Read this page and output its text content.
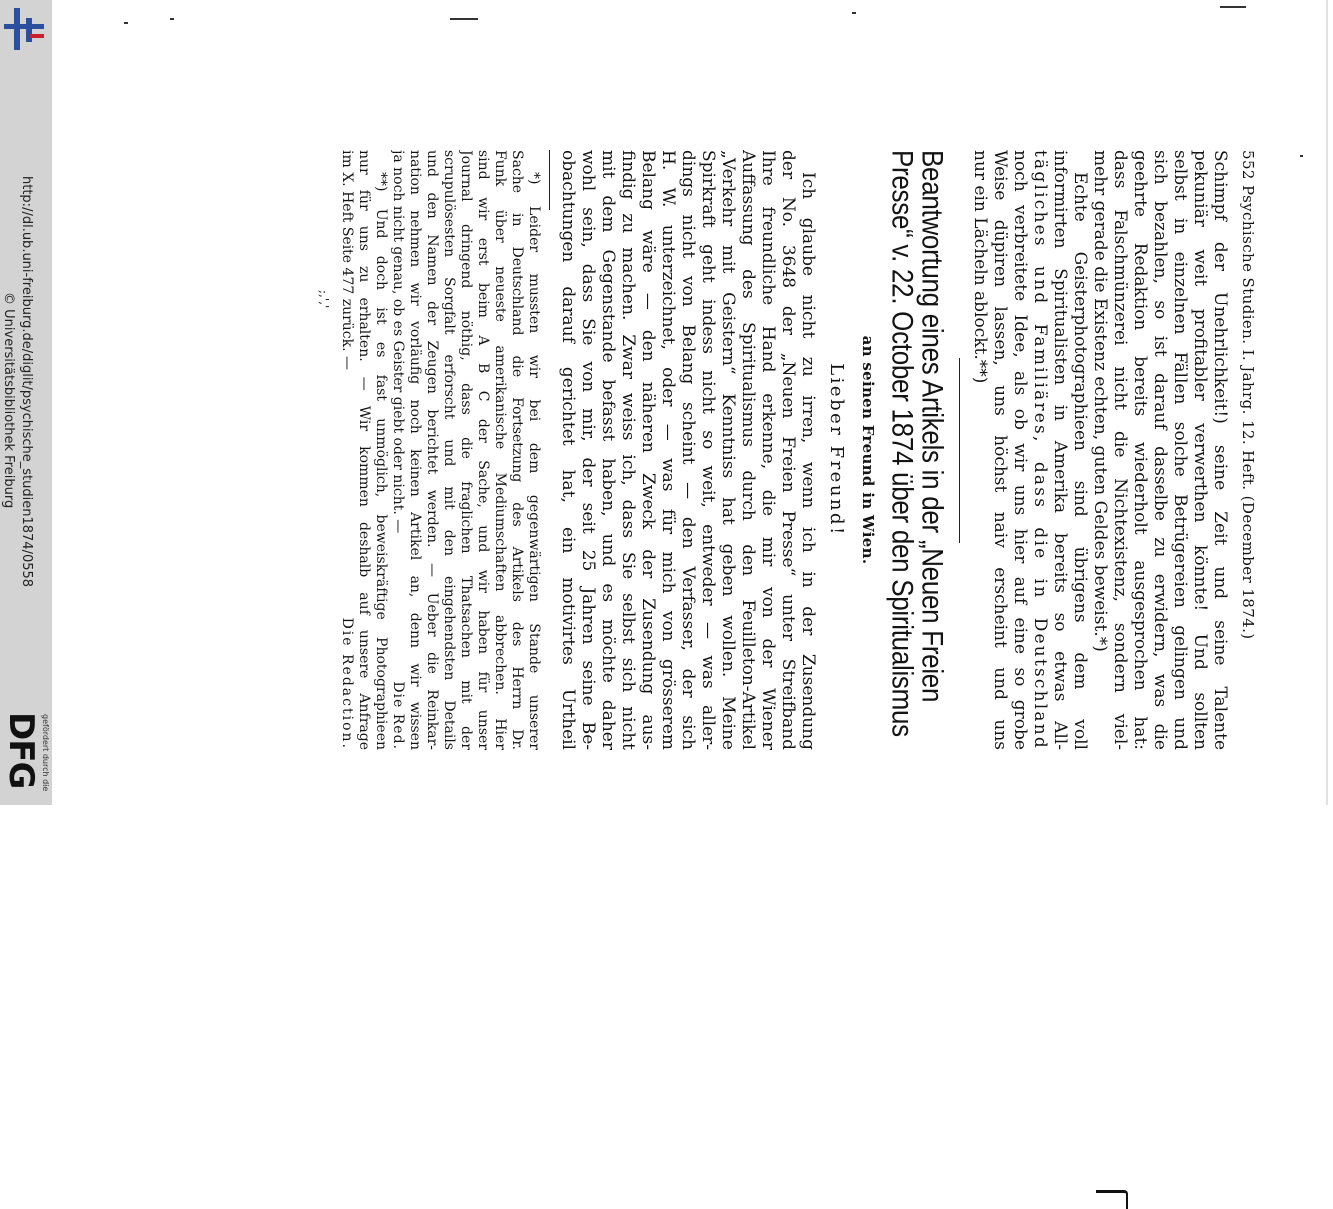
http://dl.ub.uni-freiburg.de/diglit/psychische_studien1874/0558
© Universitätsbibliothek Freiburg
gefördert durch die
DFG
552 Psychische Studien. I. Jahrg. 12. Heft. (December 1874.)
Schimpf der Unehrlichkeit!) seine Zeit und seine Talente
pekuniär weit profitabler verwerthen könnte! Und sollten
selbst in einzelnen Fällen solche Betrügereien gelingen und
sich bezahlen, so ist darauf dasselbe zu erwidern, was die
geehrte Redaktion bereits wiederholt ausgesprochen hat:
dass Falschmünzerei nicht die Nichtexistenz, sondern viel-
mehr gerade die Existenz echten, guten Geldes beweist.*)
Echte Geisterphotographieen sind übrigens dem voll
informirten Spiritualisten in Amerika bereits so etwas All-
tägliches und Familiäres, dass die in Deutschland
noch verbreitete Idee, als ob wir uns hier auf eine so grobe
Weise düpiren lassen, uns höchst naiv erscheint und uns
nur ein Lächeln ablockt.**)
Beantwortung eines Artikels in der „Neuen Freien
Presse“ v. 22. October 1874 über den Spiritualismus
an seinen Freund in Wien.
Lieber Freund!
Ich glaube nicht zu irren, wenn ich in der Zusendung
der No. 3648 der „Neuen Freien Presse“ unter Streifband
Ihre freundliche Hand erkenne, die mir von der Wiener
Auffassung des Spiritualismus durch den Feuilleton-Artikel
„Verkehr mit Geistern“ Kenntniss hat geben wollen. Meine
Spirkraft geht indess nicht so weit, entweder — was aller-
dings nicht von Belang scheint — den Verfasser, der sich
H. W. unterzeichnet, oder — was für mich von grösserem
Belang wäre — den näheren Zweck der Zusendung aus-
findig zu machen. Zwar weiss ich, dass Sie selbst sich nicht
mit dem Gegenstande befasst haben, und es möchte daher
wohl sein, dass Sie von mir, der seit 25 Jahren seine Be-
obachtungen darauf gerichtet hat, ein motivirtes Urtheil
*) Leider mussten wir bei dem gegenwärtigen Stande unserer
Sache in Deutschland die Fortsetzung des Artikels des Herrn Dr.
Funk über neueste amerikanische Mediumschaften abbrechen. Hier
sind wir erst beim A B C der Sache, und wir haben für unser
Journal dringend nöthig, dass die fraglichen Thatsachen mit der
scrupulösesten Sorgfalt erforscht und mit den eingehendsten Details
und den Namen der Zeugen berichtet werden. — Ueber die Reinkar-
nation nehmen wir vorläufig noch keinen Artikel an, denn wir wissen
ja noch nicht genau, ob es Geister giebt oder nicht. —
Die Red.
**) Und doch ist es fast unmöglich, beweiskräftige Photographieen
nur für uns zu erhalten. — Wir kommen deshalb auf unsere Anfrage
im X. Heft Seite 477 zurück. —
Die Redaction.
;,'‚'
